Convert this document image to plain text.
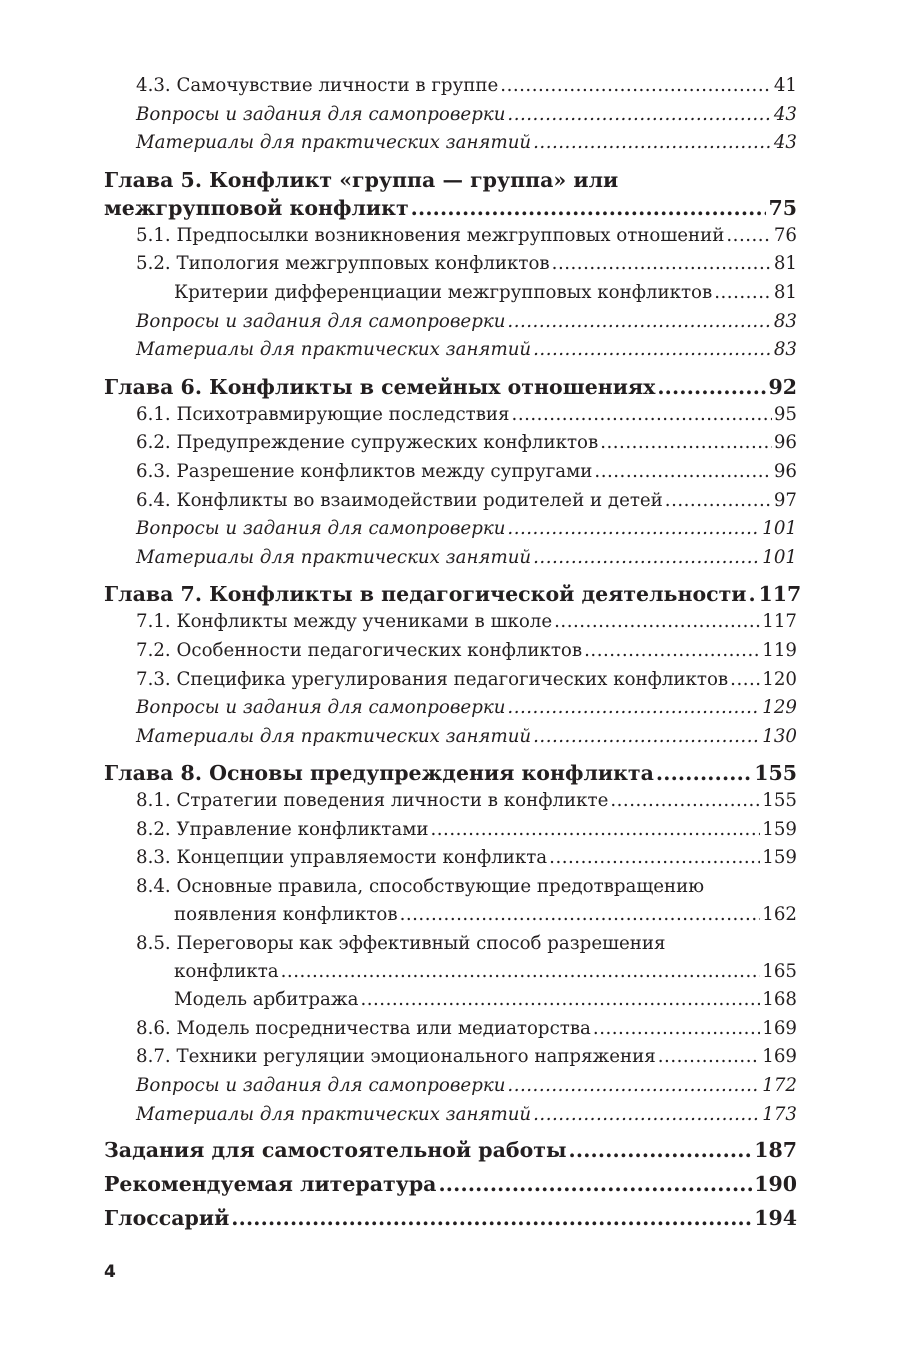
4.3. Самочувствие личности в группе .....	41
Вопросы и задания для самопроверки .....	43
Материалы для практических занятий .....	43
Глава 5. Конфликт «группа — группа» или
межгрупповой конфликт .....	75
5.1. Предпосылки возникновения межгрупповых отношений .....	76
5.2. Типология межгрупповых конфликтов .....	81
Критерии дифференциации межгрупповых конфликтов .....	81
Вопросы и задания для самопроверки .....	83
Материалы для практических занятий .....	83
Глава 6. Конфликты в семейных отношениях .....	92
6.1. Психотравмирующие последствия .....	95
6.2. Предупреждение супружеских конфликтов .....	96
6.3. Разрешение конфликтов между супругами .....	96
6.4. Конфликты во взаимодействии родителей и детей .....	97
Вопросы и задания для самопроверки .....	101
Материалы для практических занятий .....	101
Глава 7. Конфликты в педагогической деятельности ..... 117
7.1. Конфликты между учениками в школе .....	117
7.2. Особенности педагогических конфликтов .....	119
7.3. Специфика урегулирования педагогических конфликтов ..... 120
Вопросы и задания для самопроверки .....	129
Материалы для практических занятий .....	130
Глава 8. Основы предупреждения конфликта .....	155
8.1. Стратегии поведения личности в конфликте .....	155
8.2. Управление конфликтами .....	159
8.3. Концепции управляемости конфликта .....	159
8.4. Основные правила, способствующие предотвращению
появления конфликтов .....	162
8.5. Переговоры как эффективный способ разрешения
конфликта .....	165
Модель арбитража .....	168
8.6. Модель посредничества или медиаторства .....	169
8.7. Техники регуляции эмоционального напряжения .....	169
Вопросы и задания для самопроверки .....	172
Материалы для практических занятий .....	173
Задания для самостоятельной работы .....	187
Рекомендуемая литература .....	190
Глоссарий .....	194
4
